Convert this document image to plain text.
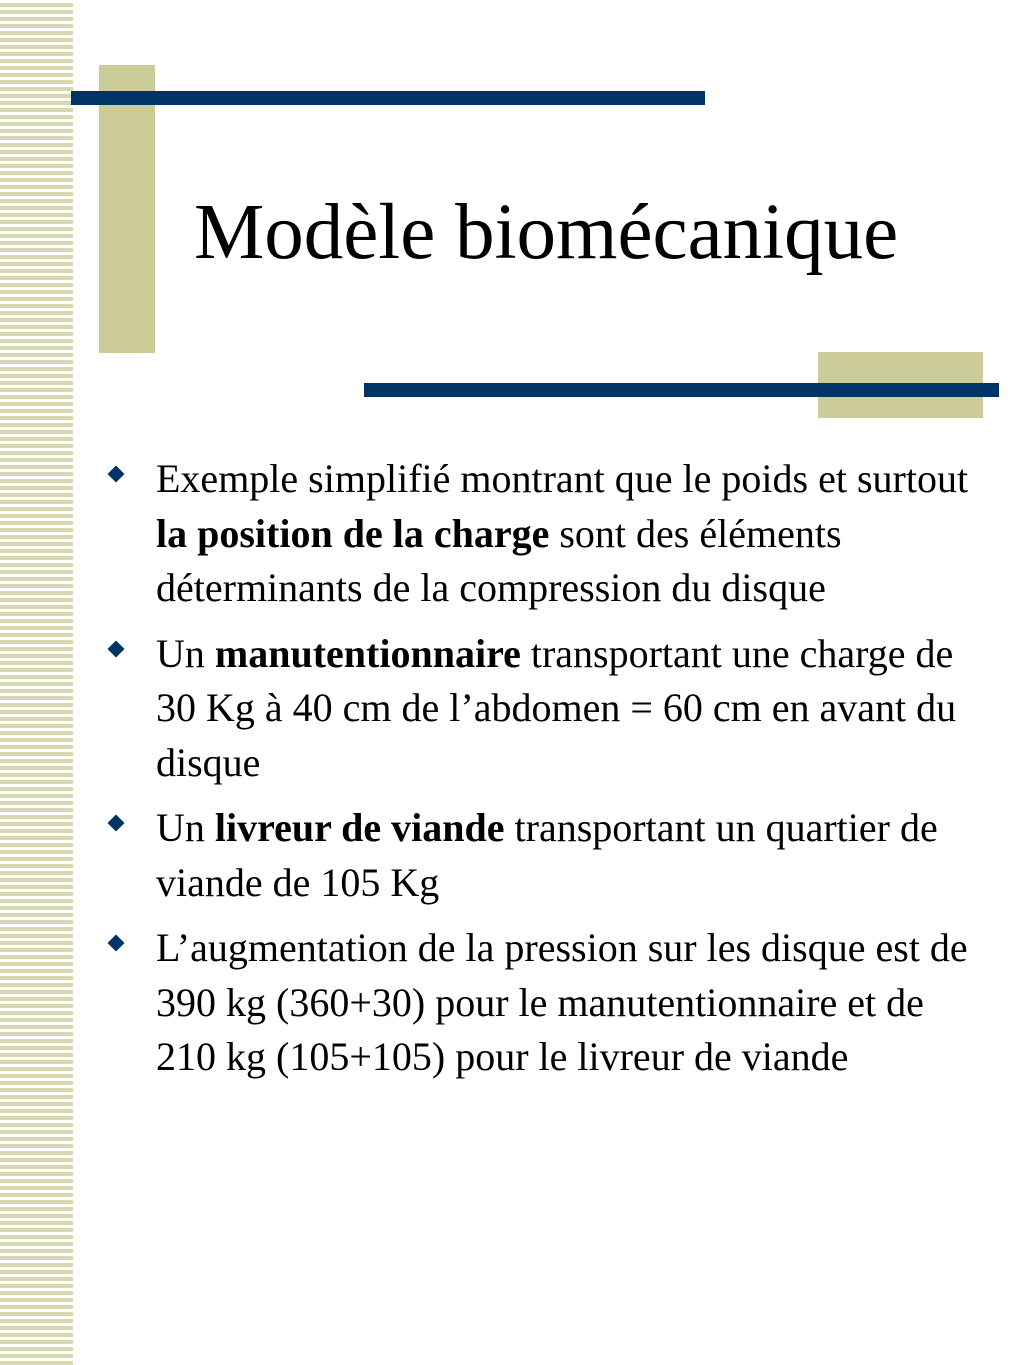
Modèle biomécanique
Exemple simplifié montrant que le poids et surtout la position de la charge sont des éléments déterminants de la compression du disque
Un manutentionnaire transportant une charge de 30 Kg à 40 cm de l’abdomen = 60 cm en avant du disque
Un livreur de viande transportant un quartier de viande de 105 Kg
L’augmentation de la pression sur les disque est de 390 kg (360+30) pour le manutentionnaire et de 210 kg (105+105) pour le livreur de viande
